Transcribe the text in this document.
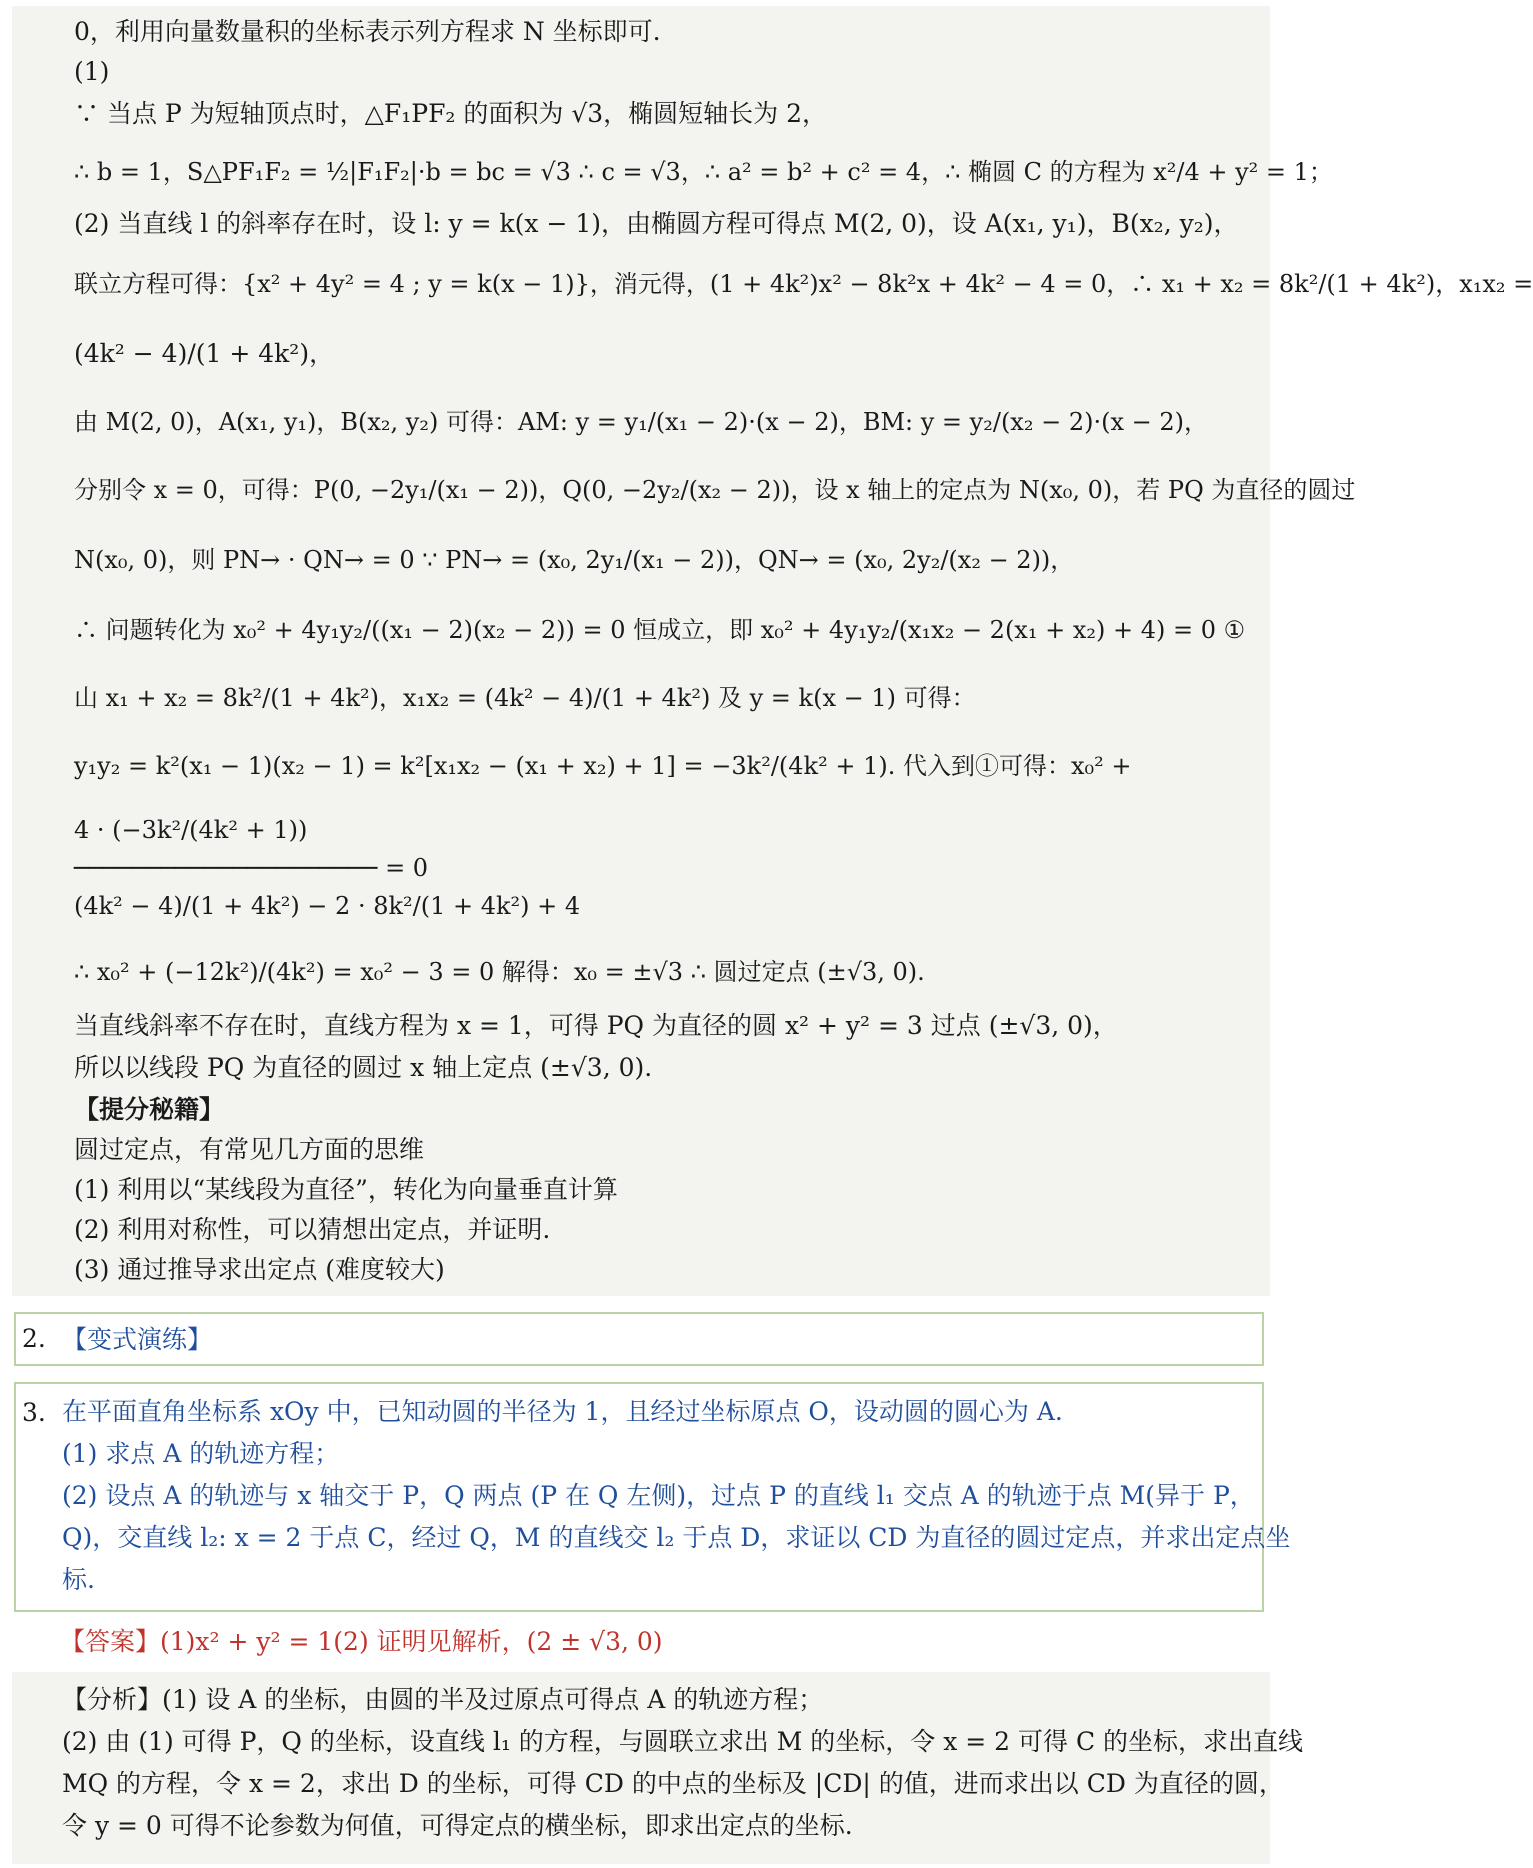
0，利用向量数量积的坐标表示列方程求 N 坐标即可.
(1)
∵ 当点 P 为短轴顶点时，△F₁PF₂ 的面积为 √3，椭圆短轴长为 2，
∴ b = 1，S△PF₁F₂ = ½|F₁F₂|·b = bc = √3 ∴ c = √3，∴ a² = b² + c² = 4，∴ 椭圆 C 的方程为 x²/4 + y² = 1；
(2) 当直线 l 的斜率存在时，设 l: y = k(x − 1)，由椭圆方程可得点 M(2, 0)，设 A(x₁, y₁)，B(x₂, y₂)，
联立方程可得：{x² + 4y² = 4 ; y = k(x − 1)}，消元得，(1 + 4k²)x² − 8k²x + 4k² − 4 = 0，∴ x₁ + x₂ = 8k²/(1 + 4k²)，x₁x₂ =
(4k² − 4)/(1 + 4k²)，
由 M(2, 0)，A(x₁, y₁)，B(x₂, y₂) 可得：AM: y = y₁/(x₁ − 2)·(x − 2)，BM: y = y₂/(x₂ − 2)·(x − 2)，
分别令 x = 0，可得：P(0, −2y₁/(x₁ − 2))，Q(0, −2y₂/(x₂ − 2))，设 x 轴上的定点为 N(x₀, 0)，若 PQ 为直径的圆过
N(x₀, 0)，则 PN→ · QN→ = 0 ∵ PN→ = (x₀, 2y₁/(x₁ − 2))，QN→ = (x₀, 2y₂/(x₂ − 2))，
∴ 问题转化为 x₀² + 4y₁y₂/((x₁ − 2)(x₂ − 2)) = 0 恒成立，即 x₀² + 4y₁y₂/(x₁x₂ − 2(x₁ + x₂) + 4) = 0 ①
山 x₁ + x₂ = 8k²/(1 + 4k²)，x₁x₂ = (4k² − 4)/(1 + 4k²) 及 y = k(x − 1) 可得：
y₁y₂ = k²(x₁ − 1)(x₂ − 1) = k²[x₁x₂ − (x₁ + x₂) + 1] = −3k²/(4k² + 1). 代入到①可得：x₀² +
4 · (−3k²/(4k² + 1))
───────────────────── = 0
(4k² − 4)/(1 + 4k²) − 2 · 8k²/(1 + 4k²) + 4
∴ x₀² + (−12k²)/(4k²) = x₀² − 3 = 0 解得：x₀ = ±√3 ∴ 圆过定点 (±√3, 0).
当直线斜率不存在时，直线方程为 x = 1，可得 PQ 为直径的圆 x² + y² = 3 过点 (±√3, 0)，
所以以线段 PQ 为直径的圆过 x 轴上定点 (±√3, 0).
【提分秘籍】
圆过定点，有常见几方面的思维
(1) 利用以“某线段为直径”，转化为向量垂直计算
(2) 利用对称性，可以猜想出定点，并证明.
(3) 通过推导求出定点 (难度较大)
2. 【变式演练】
3. 在平面直角坐标系 xOy 中，已知动圆的半径为 1，且经过坐标原点 O，设动圆的圆心为 A.
(1) 求点 A 的轨迹方程；
(2) 设点 A 的轨迹与 x 轴交于 P，Q 两点 (P 在 Q 左侧)，过点 P 的直线 l₁ 交点 A 的轨迹于点 M(异于 P，
Q)，交直线 l₂: x = 2 于点 C，经过 Q，M 的直线交 l₂ 于点 D，求证以 CD 为直径的圆过定点，并求出定点坐
标.
【答案】(1)x² + y² = 1(2) 证明见解析，(2 ± √3, 0)
【分析】(1) 设 A 的坐标，由圆的半及过原点可得点 A 的轨迹方程；
(2) 由 (1) 可得 P，Q 的坐标，设直线 l₁ 的方程，与圆联立求出 M 的坐标，令 x = 2 可得 C 的坐标，求出直线
MQ 的方程，令 x = 2，求出 D 的坐标，可得 CD 的中点的坐标及 |CD| 的值，进而求出以 CD 为直径的圆，
令 y = 0 可得不论参数为何值，可得定点的横坐标，即求出定点的坐标.
